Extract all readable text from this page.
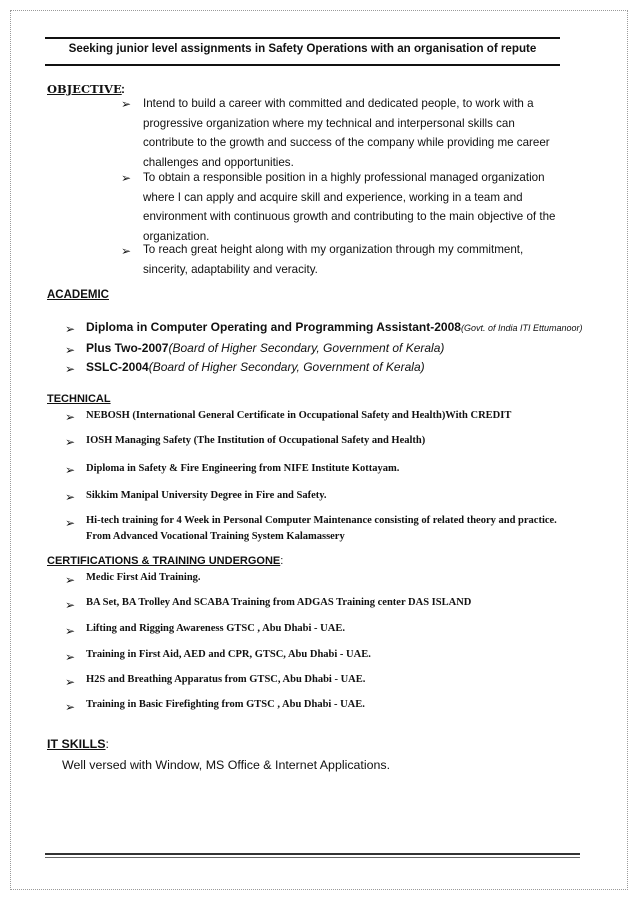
Seeking junior level assignments in Safety Operations with an organisation of repute
OBJECTIVE :
➢ Intend to build a career with committed and dedicated people, to work with a
progressive organization where my technical and interpersonal skills can
contribute to the growth and success of the company while providing me career
challenges and opportunities.
➢ To obtain a responsible position in a highly professional managed organization
where I can apply and acquire skill and experience, working in a team and
environment with continuous growth and contributing to the main objective of the
organization.
➢ To reach great height along with my organization through my commitment,
sincerity, adaptability and veracity.
ACADEMIC
➢ Diploma in Computer Operating and Programming Assistant-2008(Govt. of India ITI Ettumanoor)
➢ Plus Two-2007(Board of Higher Secondary, Government of Kerala)
➢ SSLC-2004(Board of Higher Secondary, Government of Kerala)
TECHNICAL
➢ NEBOSH (International General Certificate in Occupational Safety and Health)With CREDIT
➢ IOSH Managing Safety (The Institution of Occupational Safety and Health)
➢ Diploma in Safety & Fire Engineering from NIFE Institute Kottayam.
➢ Sikkim Manipal University Degree in Fire and Safety.
➢ Hi-tech training for 4 Week in Personal Computer Maintenance consisting of related theory and practice. From Advanced Vocational Training System Kalamassery
CERTIFICATIONS & TRAINING UNDERGONE:
➢ Medic First Aid Training.
➢ BA Set, BA Trolley And SCABA Training from ADGAS Training center DAS ISLAND
➢ Lifting and Rigging Awareness GTSC , Abu Dhabi - UAE.
➢ Training in First Aid, AED and CPR, GTSC, Abu Dhabi - UAE.
➢ H2S and Breathing Apparatus from GTSC, Abu Dhabi - UAE.
➢ Training in Basic Firefighting from GTSC , Abu Dhabi - UAE.
IT SKILLS:
Well versed with Window, MS Office & Internet Applications.
